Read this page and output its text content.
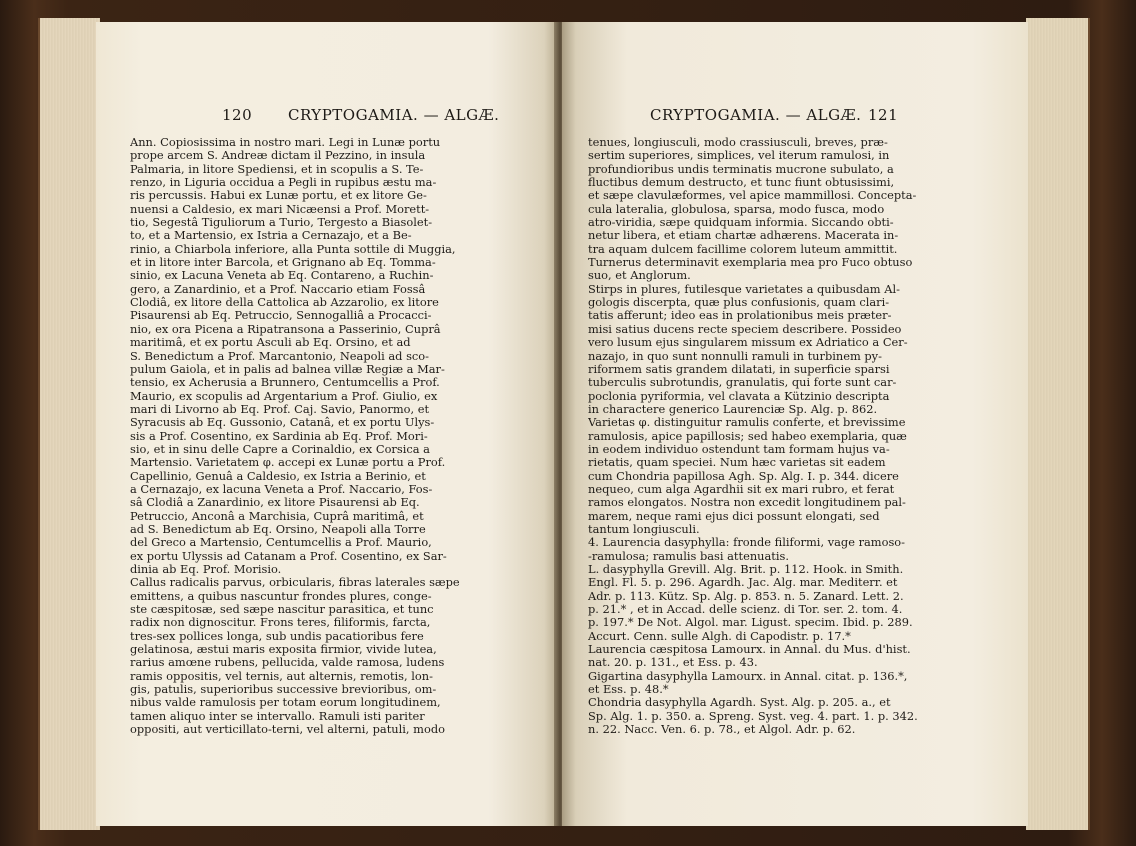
120 CRYPTOGAMIA. — ALGÆ.

Ann. Copiosissima in nostro mari. Legi in Lunæ portu

prope arcem S. Andreæ dictam il Pezzino, in insula

Palmaria, in litore Spediensi, et in scopulis a S. Te-

renzo, in Liguria occidua a Pegli in rupibus æstu ma-

ris percussis. Habui ex Lunæ portu, et ex litore Ge-

nuensi a Caldesio, ex mari Nicæensi a Prof. Morett-

tio, Segestâ Tiguliorum a Turio, Tergesto a Biasolet-

to, et a Martensio, ex Istria a Cernazajo, et a Be-

rinio, a Chiarbola inferiore, alla Punta sottile di Muggia,

et in litore inter Barcola, et Grignano ab Eq. Tomma-

sinio, ex Lacuna Veneta ab Eq. Contareno, a Ruchin-

gero, a Zanardinio, et a Prof. Naccario etiam Fossâ

Clodiâ, ex litore della Cattolica ab Azzarolio, ex litore

Pisaurensi ab Eq. Petruccio, Sennogalliâ a Procacci-

nio, ex ora Picena a Ripatransona a Passerinio, Cuprâ

maritimâ, et ex portu Asculi ab Eq. Orsino, et ad

S. Benedictum a Prof. Marcantonio, Neapoli ad sco-

pulum Gaiola, et in palis ad balnea villæ Regiæ a Mar-

tensio, ex Acherusia a Brunnero, Centumcellis a Prof.

Maurio, ex scopulis ad Argentarium a Prof. Giulio, ex

mari di Livorno ab Eq. Prof. Caj. Savio, Panormo, et

Syracusis ab Eq. Gussonio, Catanâ, et ex portu Ulys-

sis a Prof. Cosentino, ex Sardinia ab Eq. Prof. Mori-

sio, et in sinu delle Capre a Corinaldio, ex Corsica a

Martensio. Varietatem φ. accepi ex Lunæ portu a Prof.

Capellinio, Genuâ a Caldesio, ex Istria a Berinio, et

a Cernazajo, ex lacuna Veneta a Prof. Naccario, Fos-

sâ Clodiâ a Zanardinio, ex litore Pisaurensi ab Eq.

Petruccio, Anconâ a Marchisia, Cuprâ maritimâ, et

ad S. Benedictum ab Eq. Orsino, Neapoli alla Torre

del Greco a Martensio, Centumcellis a Prof. Maurio,

ex portu Ulyssis ad Catanam a Prof. Cosentino, ex Sar-

dinia ab Eq. Prof. Morisio.

Callus radicalis parvus, orbicularis, fibras laterales sæpe

emittens, a quibus nascuntur frondes plures, conge-

ste cæspitosæ, sed sæpe nascitur parasitica, et tunc

radix non dignoscitur. Frons teres, filiformis, farcta,

tres-sex pollices longa, sub undis pacatioribus fere

gelatinosa, æstui maris exposita firmior, vivide lutea,

rarius amœne rubens, pellucida, valde ramosa, ludens

ramis oppositis, vel ternis, aut alternis, remotis, lon-

gis, patulis, superioribus successive brevioribus, om-

nibus valde ramulosis per totam eorum longitudinem,

tamen aliquo inter se intervallo. Ramuli isti pariter

oppositi, aut verticillato-terni, vel alterni, patuli, modo

CRYPTOGAMIA. — ALGÆ. 121

tenues, longiusculi, modo crassiusculi, breves, præ-

sertim superiores, simplices, vel iterum ramulosi, in

profundioribus undis terminatis mucrone subulato, a

fluctibus demum destructo, et tunc fiunt obtusissimi,

et sæpe clavulæformes, vel apice mammillosi. Concepta-

cula lateralia, globulosa, sparsa, modo fusca, modo

atro-viridia, sæpe quidquam informia. Siccando obti-

netur libera, et etiam chartæ adhærens. Macerata in-

tra aquam dulcem facillime colorem luteum ammittit.

Turnerus determinavit exemplaria mea pro Fuco obtuso

suo, et Anglorum.

Stirps in plures, futilesque varietates a quibusdam Al-

gologis discerpta, quæ plus confusionis, quam clari-

tatis afferunt; ideo eas in prolationibus meis præter-

misi satius ducens recte speciem describere. Possideo

vero lusum ejus singularem missum ex Adriatico a Cer-

nazajo, in quo sunt nonnulli ramuli in turbinem py-

riformem satis grandem dilatati, in superficie sparsi

tuberculis subrotundis, granulatis, qui forte sunt car-

poclonia pyriformia, vel clavata a Kützinio descripta

in charactere generico Laurenciæ Sp. Alg. p. 862.

Varietas φ. distinguitur ramulis conferte, et brevissime

ramulosis, apice papillosis; sed habeo exemplaria, quæ

in eodem individuo ostendunt tam formam hujus va-

rietatis, quam speciei. Num hæc varietas sit eadem

cum Chondria papillosa Agh. Sp. Alg. I. p. 344. dicere

nequeo, cum alga Agardhii sit ex mari rubro, et ferat

ramos elongatos. Nostra non excedit longitudinem pal-

marem, neque rami ejus dici possunt elongati, sed

tantum longiusculi.

4. Laurencia dasyphylla: fronde filiformi, vage ramoso-

-ramulosa; ramulis basi attenuatis.

L. dasyphylla Grevill. Alg. Brit. p. 112. Hook. in Smith.

Engl. Fl. 5. p. 296. Agardh. Jac. Alg. mar. Mediterr. et

Adr. p. 113. Kütz. Sp. Alg. p. 853. n. 5. Zanard. Lett. 2.

p. 21.* , et in Accad. delle scienz. di Tor. ser. 2. tom. 4.

p. 197.* De Not. Algol. mar. Ligust. specim. Ibid. p. 289.

Accurt. Cenn. sulle Algh. di Capodistr. p. 17.*

Laurencia cæspitosa Lamourx. in Annal. du Mus. d'hist.

nat. 20. p. 131., et Ess. p. 43.

Gigartina dasyphylla Lamourx. in Annal. citat. p. 136.*,

et Ess. p. 48.*

Chondria dasyphylla Agardh. Syst. Alg. p. 205. a., et

Sp. Alg. 1. p. 350. a. Spreng. Syst. veg. 4. part. 1. p. 342.

n. 22. Nacc. Ven. 6. p. 78., et Algol. Adr. p. 62.
